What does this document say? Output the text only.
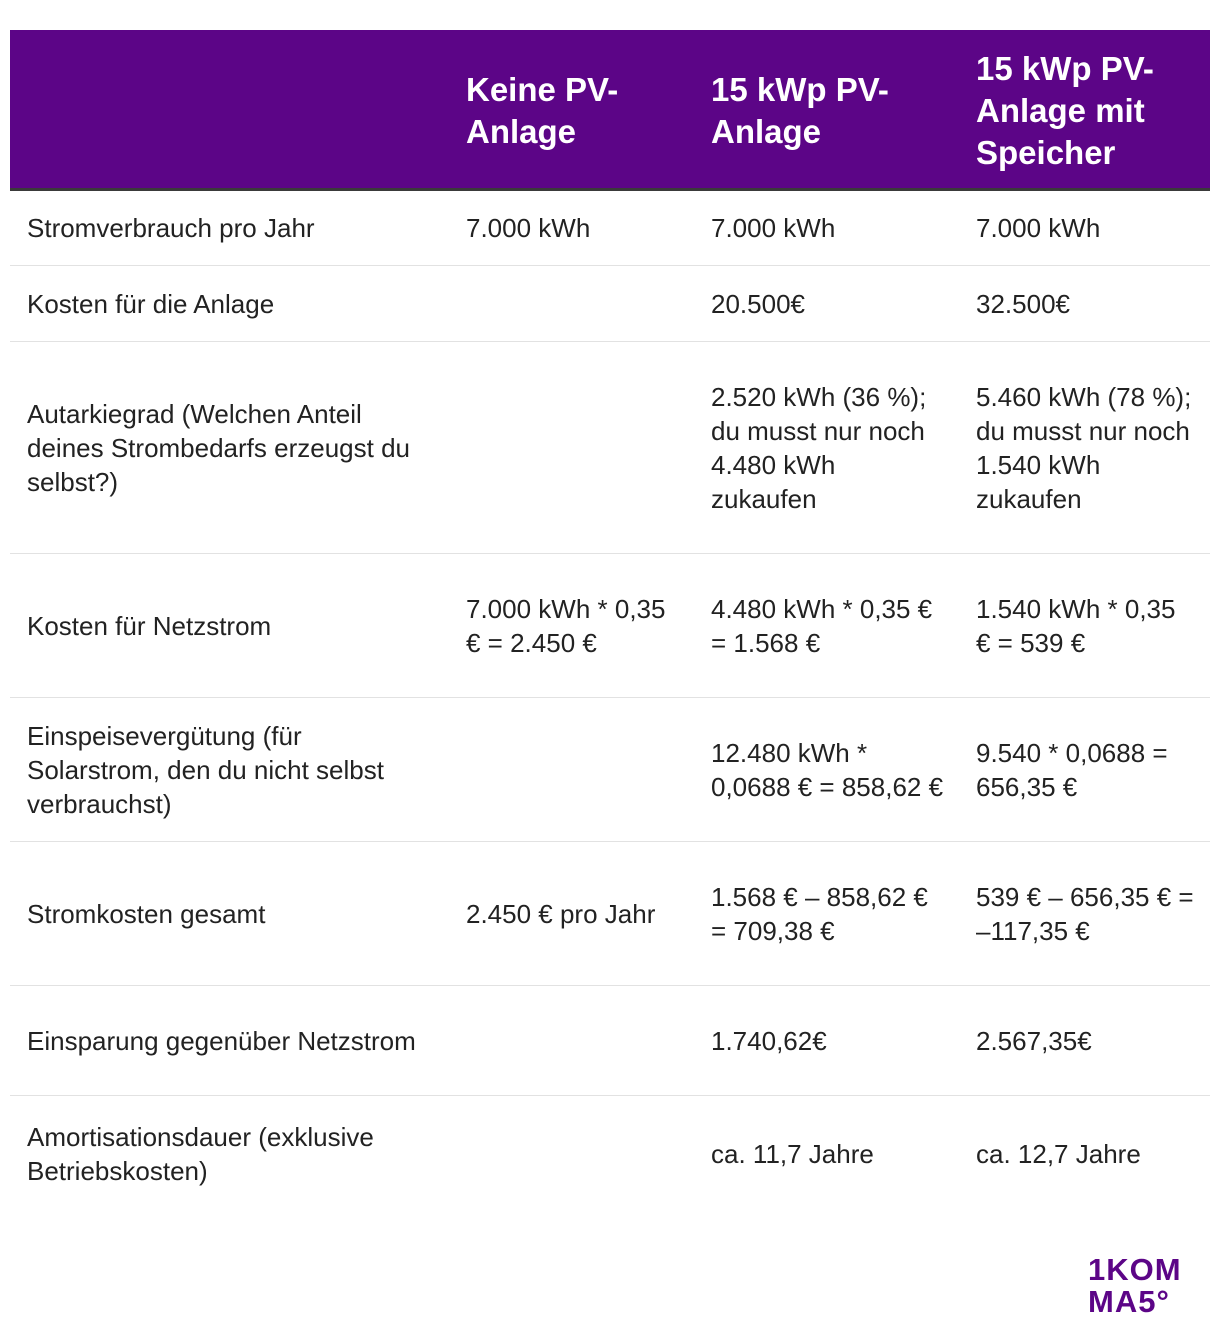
	Keine PV-Anlage	15 kWp PV-Anlage	15 kWp PV-Anlage mit Speicher
Stromverbrauch pro Jahr	7.000 kWh	7.000 kWh	7.000 kWh
Kosten für die Anlage		20.500€	32.500€
Autarkiegrad (Welchen Anteil deines Strombedarfs erzeugst du selbst?)		2.520 kWh (36 %); du musst nur noch 4.480 kWh zukaufen	5.460 kWh (78 %); du musst nur noch 1.540 kWh zukaufen
Kosten für Netzstrom	7.000 kWh * 0,35 € = 2.450 €	4.480 kWh * 0,35 € = 1.568 €	1.540 kWh * 0,35 € = 539 €
Einspeisevergütung (für Solarstrom, den du nicht selbst verbrauchst)		12.480 kWh * 0,0688 € = 858,62 €	9.540 * 0,0688 = 656,35 €
Stromkosten gesamt	2.450 € pro Jahr	1.568 € – 858,62 € = 709,38 €	539 € – 656,35 € = –117,35 €
Einsparung gegenüber Netzstrom		1.740,62€	2.567,35€
Amortisationsdauer (exklusive Betriebskosten)		ca. 11,7 Jahre	ca. 12,7 Jahre
1KOM
MA5°
